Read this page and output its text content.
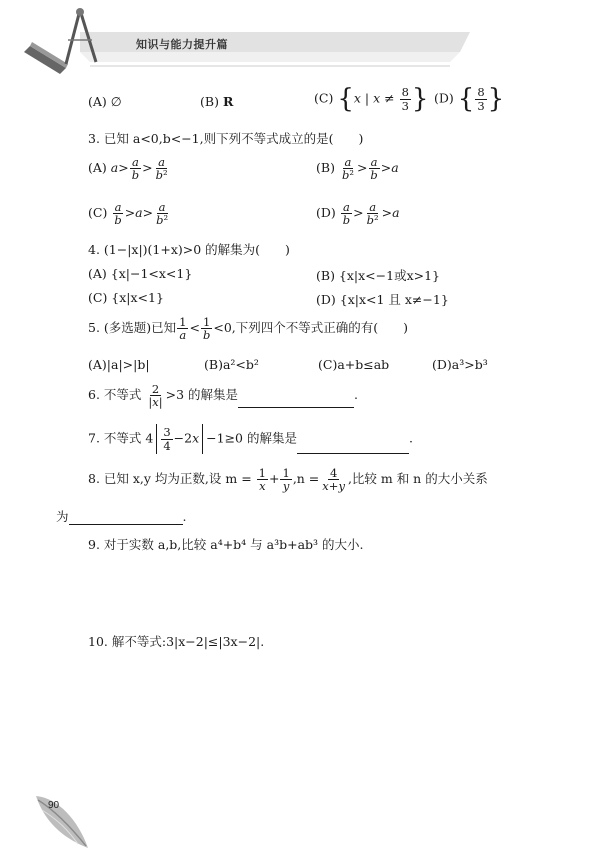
知识与能力提升篇
(A) ∅	(B) R	(C) {x | $x \ne \frac{8}{3}$ } (D) { $\frac{8}{3}$ }
3. 已知 a<0,b<−1,则下列不等式成立的是(　　)
(A) $a> \frac{a}{b} > \frac{a}{\text{b²}}$	$(B) \frac{a}{\text{b²}} > \frac{a}{b} >a$
$(C) \frac{a}{b} >a> \frac{a}{\text{b²}}$	$(D) \frac{a}{b} > \frac{a}{\text{b²}} >a$
4. (1−|x|)(1+x)>0 的解集为(　　)
(A) {x|−1<x<1}	(B) {x|x<−1或x>1}
(C) {x|x<1}	(D) {x|x<1 且 x≠−1}
5. (多选题)已知 $\frac{1}{a} < \frac{1}{b} <0$,下列四个不等式正确的有(　　)
(A)|a|>|b|	(B)a²<b²	(C)a+b≤ab	(D)a³>b³
6. 不等式 $\frac{2}{|x|} >3$ 的解集是	.
7. 不等式 $4 \frac{3}{4} -2x -1\ge 0$ 的解集是	.
8. 已知 x,y 均为正数,设 $m = \frac{1}{x} + \frac{1}{y} ,n = \frac{4}{x+y}$ ,比较 m 和 n 的大小关系
为	.
9. 对于实数 a,b,比较 a⁴+b⁴ 与 a³b+ab³ 的大小.
10. 解不等式:3|x−2|≤|3x−2|.
90
